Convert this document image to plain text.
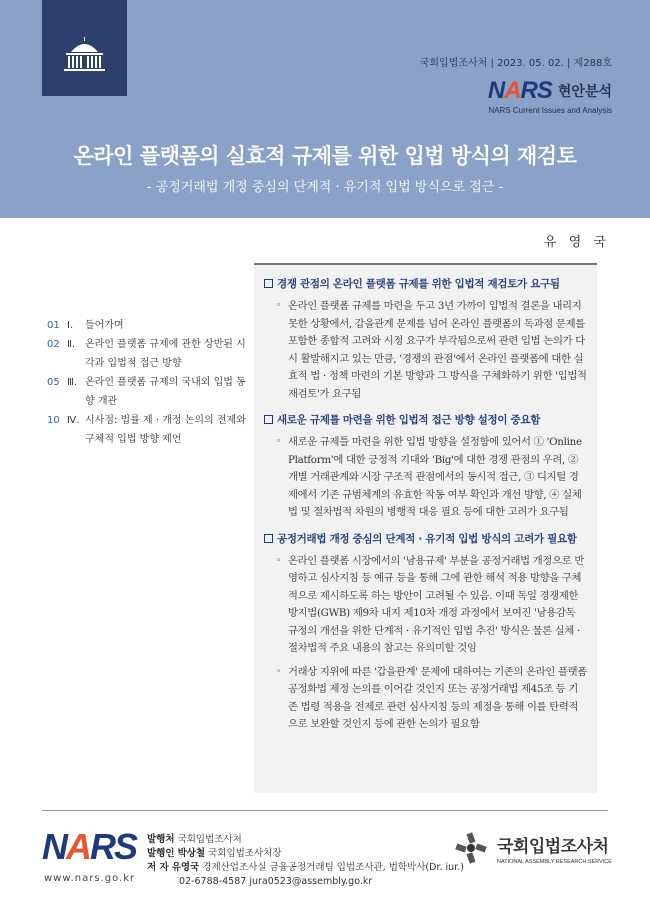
국회입법조사처 | 2023. 05. 02. | 제288호
NARS 현안분석
NARS Current Issues and Analysis
온라인 플랫폼의 실효적 규제를 위한 입법 방식의 재검토
- 공정거래법 개정 중심의 단계적 · 유기적 입법 방식으로 접근 -
유 영 국
01 Ⅰ.	들어가며
02 Ⅱ. 온라인 플랫폼 규제에 관한 상반된 시각과 입법적 접근 방향
05 Ⅲ. 온라인 플랫폼 규제의 국내외 입법 동향 개관
10 Ⅳ. 시사점: 법률 제 · 개정 논의의 전제와 구체적 입법 방향 제언
경쟁 관점의 온라인 플랫폼 규제를 위한 입법적 재검토가 요구됨
◦ 온라인 플랫폼 규제를 마련을 두고 3년 가까이 입법적 결론을 내리지 못한 상황에서, 갑을관계 문제를 넘어 온라인 플랫폼의 독과점 문제를 포함한 종합적 고려와 시정 요구가 부각됨으로써 관련 입법 논의가 다시 활발해지고 있는 만큼, '경쟁의 관점'에서 온라인 플랫폼에 대한 실효적 법 · 정책 마련의 기본 방향과 그 방식을 구체화하기 위한 '입법적 재검토'가 요구됨
새로운 규제틀 마련을 위한 입법적 접근 방향 설정이 중요함
◦ 새로운 규제틀 마련을 위한 입법 방향을 설정함에 있어서 ① 'Online Platform'에 대한 긍정적 기대와 'Big'에 대한 경쟁 관점의 우려, ② 개별 거래관계와 시장 구조적 관점에서의 동시적 접근, ③ 디지털 경제에서 기존 규범체계의 유효한 작동 여부 확인과 개선 방향, ④ 실체법 및 절차법적 차원의 병행적 대응 필요 등에 대한 고려가 요구됨
공정거래법 개정 중심의 단계적 · 유기적 입법 방식의 고려가 필요함
◦ 온라인 플랫폼 시장에서의 '남용규제' 부분을 공정거래법 개정으로 반영하고 심사지침 등 예규 등을 통해 그에 관한 해석 적용 방향을 구체적으로 제시하도록 하는 방안이 고려될 수 있음. 이때 독일 경쟁제한방지법(GWB) 제9차 내지 제10차 개정 과정에서 보여진 '남용감독 규정의 개선을 위한 단계적 · 유기적인 입법 추진' 방식은 물론 실체 · 절차법적 주요 내용의 참고는 유의미할 것임
◦ 거래상 지위에 따른 '갑을관계' 문제에 대하여는 기존의 온라인 플랫폼 공정화법 제정 논의를 이어갈 것인지 또는 공정거래법 제45조 등 기존 법령 적용을 전제로 관련 심사지침 등의 제정을 통해 이를 탄력적으로 보완할 것인지 등에 관한 논의가 필요함
NARS
www.nars.go.kr
발행처 국회입법조사처
발행인 박상철 국회입법조사처장
저 자 유영국 경제산업조사실 금융공정거래팀 입법조사관, 법학박사(Dr. iur.)
02-6788-4587 jura0523@assembly.go.kr
국회입법조사처
NATIONAL ASSEMBLY RESEARCH SERVICE
